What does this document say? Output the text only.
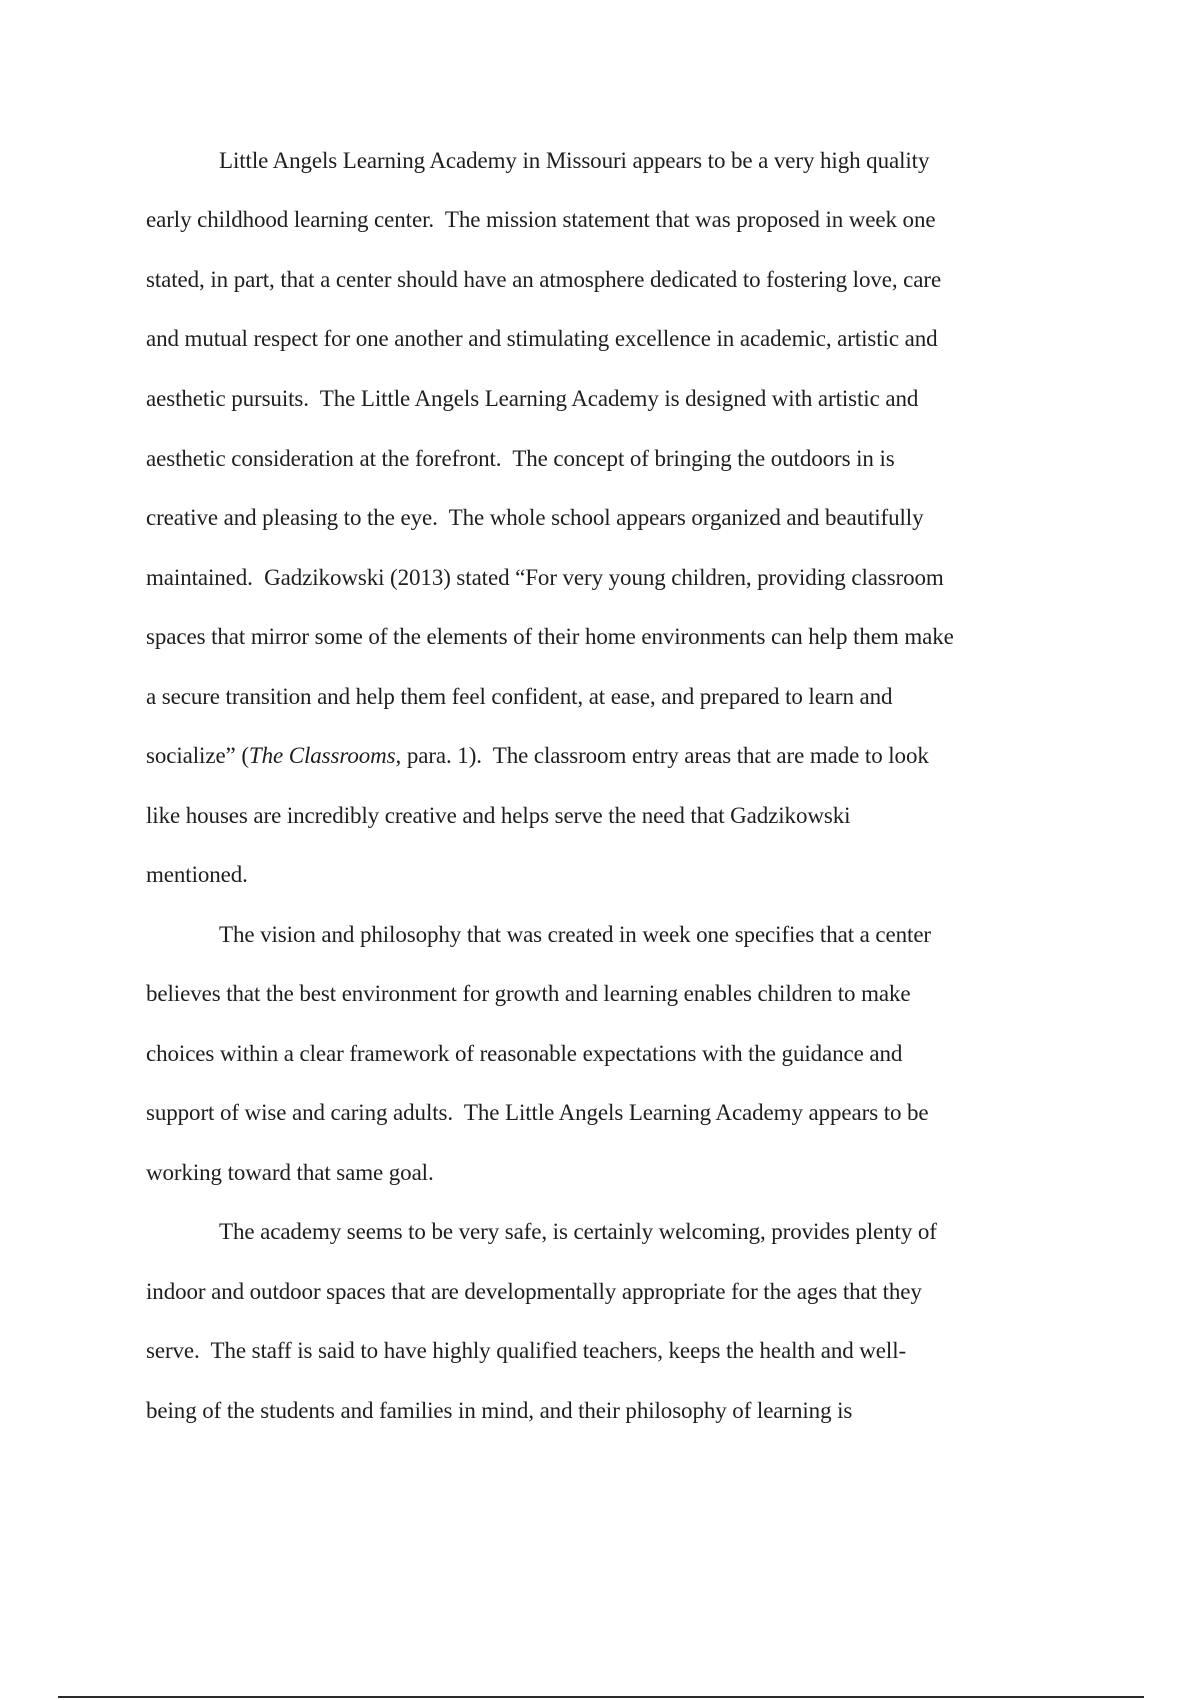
Little Angels Learning Academy in Missouri appears to be a very high quality
early childhood learning center.  The mission statement that was proposed in week one
stated, in part, that a center should have an atmosphere dedicated to fostering love, care
and mutual respect for one another and stimulating excellence in academic, artistic and
aesthetic pursuits.  The Little Angels Learning Academy is designed with artistic and
aesthetic consideration at the forefront.  The concept of bringing the outdoors in is
creative and pleasing to the eye.  The whole school appears organized and beautifully
maintained.  Gadzikowski (2013) stated “For very young children, providing classroom
spaces that mirror some of the elements of their home environments can help them make
a secure transition and help them feel confident, at ease, and prepared to learn and
socialize” (The Classrooms, para. 1).  The classroom entry areas that are made to look
like houses are incredibly creative and helps serve the need that Gadzikowski
mentioned.
The vision and philosophy that was created in week one specifies that a center
believes that the best environment for growth and learning enables children to make
choices within a clear framework of reasonable expectations with the guidance and
support of wise and caring adults.  The Little Angels Learning Academy appears to be
working toward that same goal.
The academy seems to be very safe, is certainly welcoming, provides plenty of
indoor and outdoor spaces that are developmentally appropriate for the ages that they
serve.  The staff is said to have highly qualified teachers, keeps the health and well-
being of the students and families in mind, and their philosophy of learning is
